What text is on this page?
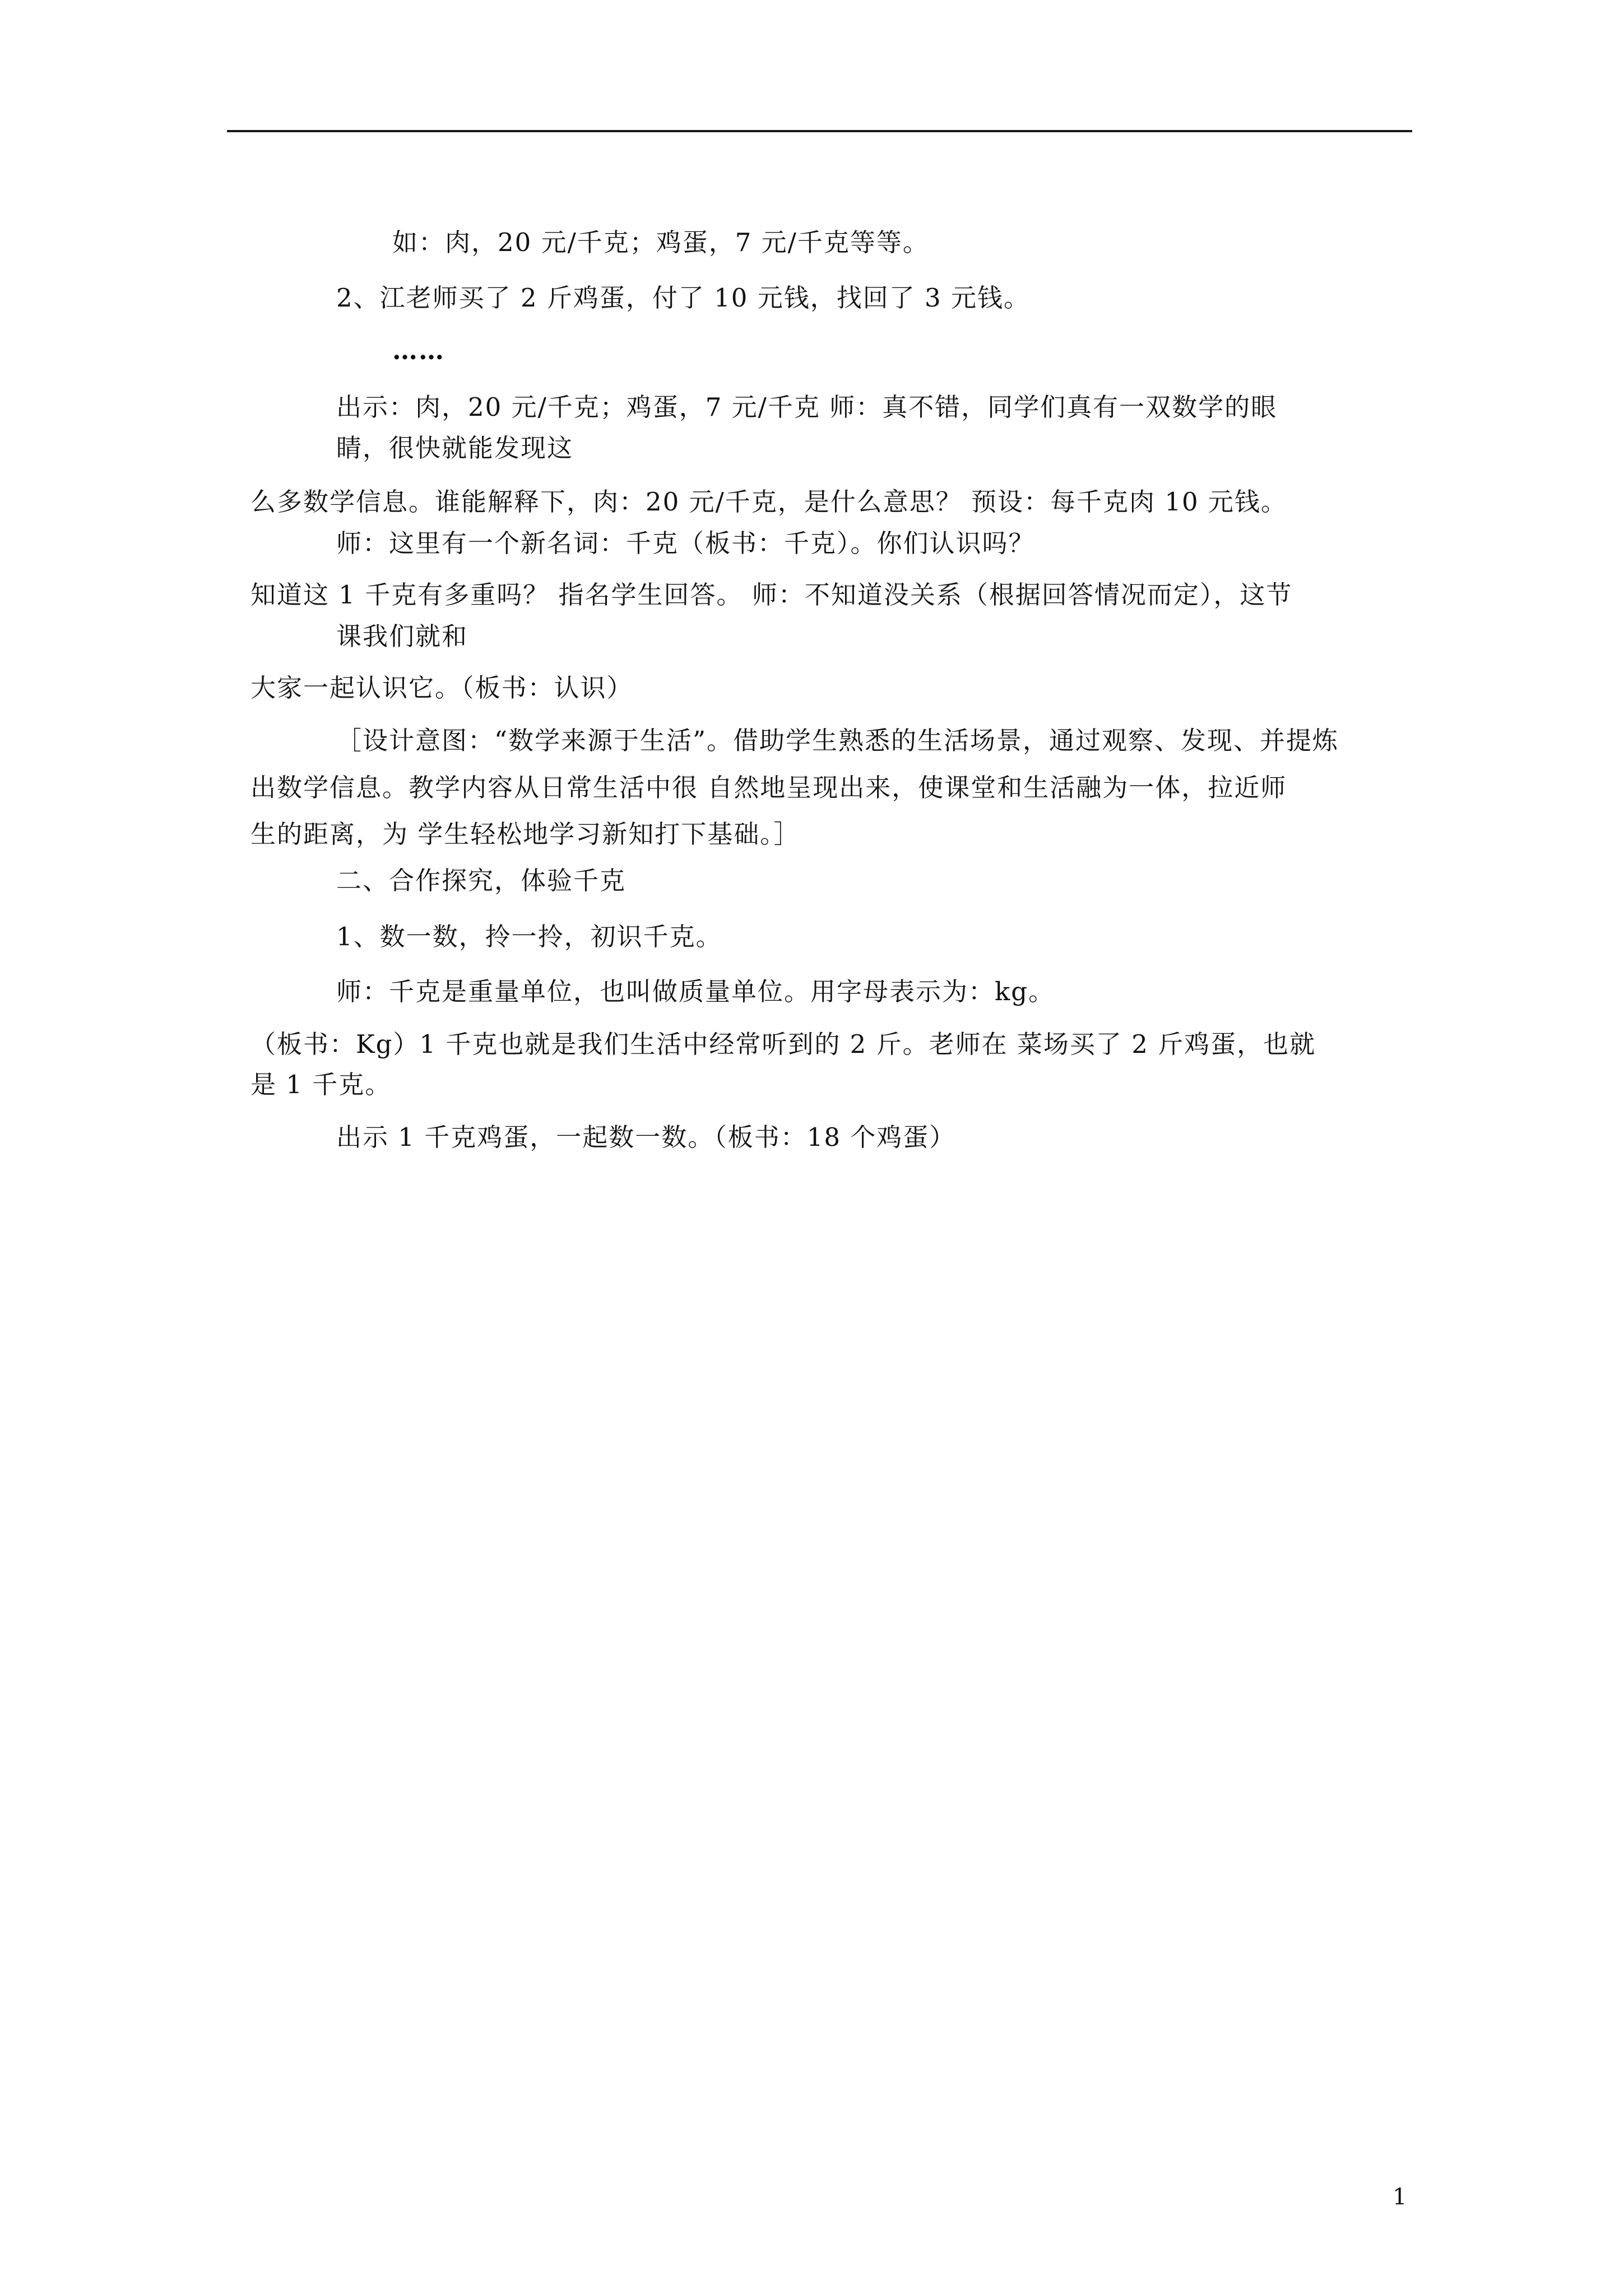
如：肉，20 元/千克；鸡蛋，7 元/千克等等。
2、江老师买了 2 斤鸡蛋，付了 10 元钱，找回了 3 元钱。
……
出示：肉，20 元/千克；鸡蛋，7 元/千克 师：真不错，同学们真有一双数学的眼
睛，很快就能发现这
么多数学信息。谁能解释下，肉：20 元/千克，是什么意思？ 预设：每千克肉 10 元钱。
师：这里有一个新名词：千克（板书：千克）。你们认识吗？
知道这 1 千克有多重吗？ 指名学生回答。 师：不知道没关系（根据回答情况而定），这节
课我们就和
大家一起认识它。（板书：认识）
［设计意图：“数学来源于生活”。借助学生熟悉的生活场景，通过观察、发现、并提炼
出数学信息。教学内容从日常生活中很 自然地呈现出来，使课堂和生活融为一体，拉近师
生的距离，为 学生轻松地学习新知打下基础。］
二、合作探究，体验千克
1、数一数，拎一拎，初识千克。
师：千克是重量单位，也叫做质量单位。用字母表示为：kg。
（板书：Kg）1 千克也就是我们生活中经常听到的 2 斤。老师在 菜场买了 2 斤鸡蛋，也就
是 1 千克。
出示 1 千克鸡蛋，一起数一数。（板书：18 个鸡蛋）
1
